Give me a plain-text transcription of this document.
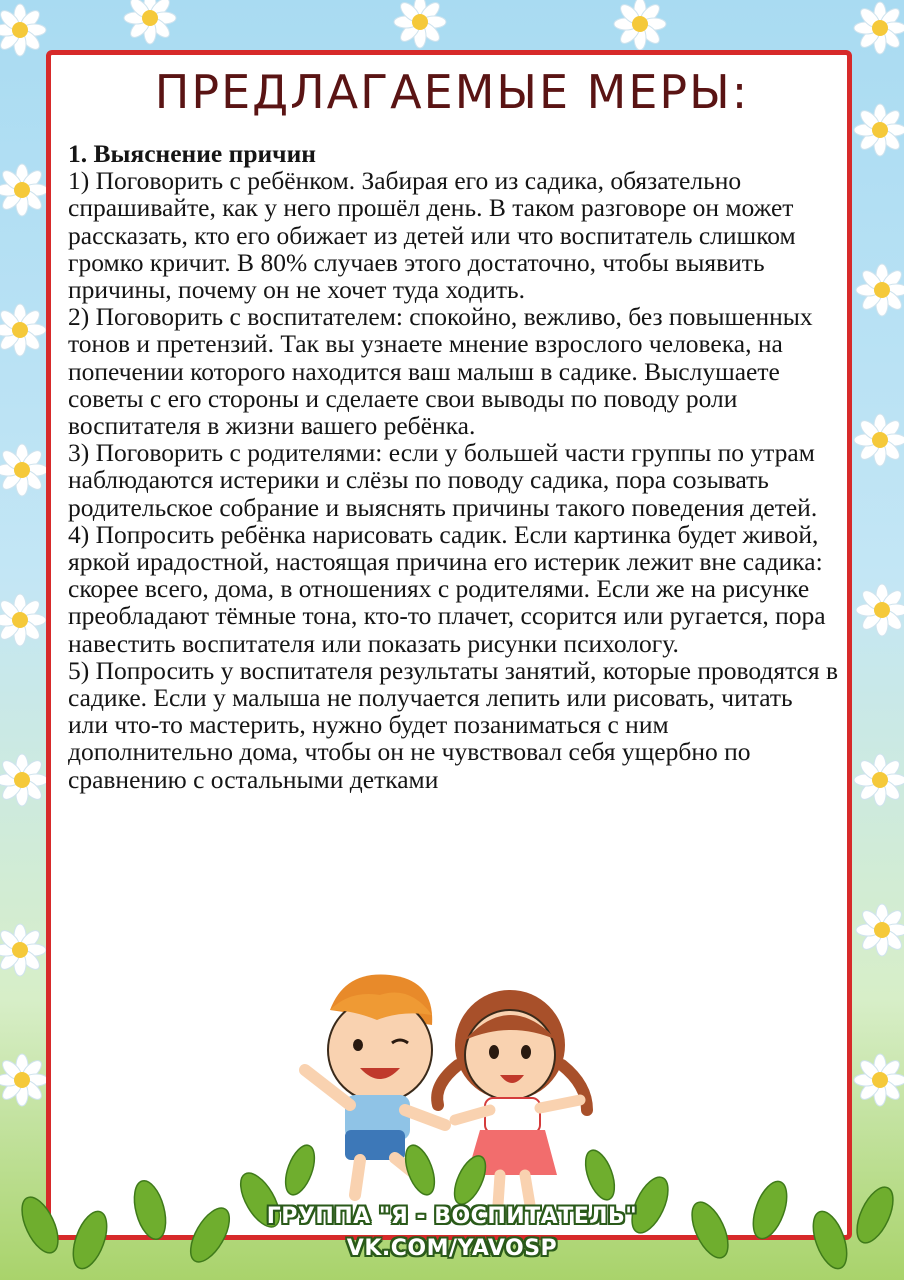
ПРЕДЛАГАЕМЫЕ МЕРЫ:

1. Выяснение причин

1) Поговорить с ребёнком. Забирая его из садика, обязательно спрашивайте, как у него прошёл день. В таком разговоре он может рассказать, кто его обижает из детей или что воспитатель слишком громко кричит. В 80% случаев этого достаточно, чтобы выявить причины, почему он не хочет туда ходить.

2) Поговорить с воспитателем: спокойно, вежливо, без повышенных тонов и претензий. Так вы узнаете мнение взрослого человека, на попечении которого находится ваш малыш в садике. Выслушаете советы с его стороны и сделаете свои выводы по поводу роли воспитателя в жизни вашего ребёнка.

3) Поговорить с родителями: если у большей части группы по утрам наблюдаются истерики и слёзы по поводу садика, пора созывать родительское собрание и выяснять причины такого поведения детей.

4) Попросить ребёнка нарисовать садик. Если картинка будет живой, яркой ирадостной, настоящая причина его истерик лежит вне садика: скорее всего, дома, в отношениях с родителями. Если же на рисунке преобладают тёмные тона, кто-то плачет, ссорится или ругается, пора навестить воспитателя или показать рисунки психологу.

5) Попросить у воспитателя результаты занятий, которые проводятся в садике. Если у малыша не получается лепить или рисовать, читать или что-то мастерить, нужно будет позаниматься с ним дополнительно дома, чтобы он не чувствовал себя ущербно по сравнению с остальными детками

ГРУППА "Я - ВОСПИТАТЕЛЬ"
VK.COM/YAVOSP
